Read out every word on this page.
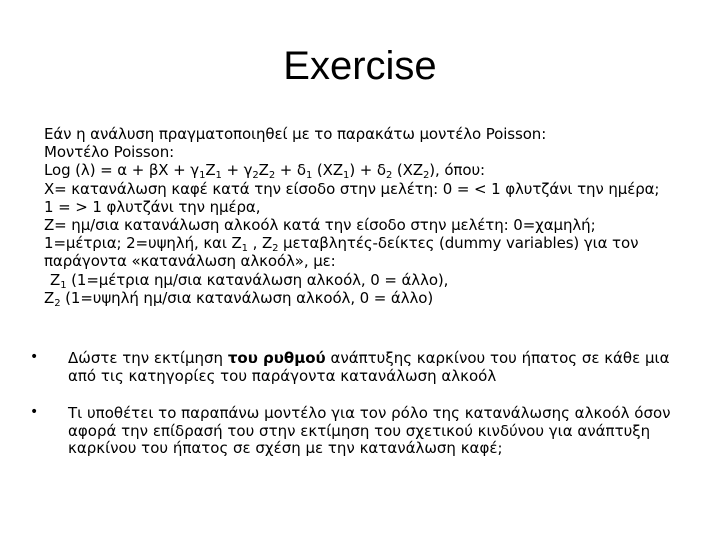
Exercise
Εάν η ανάλυση πραγματοποιηθεί με το παρακάτω μοντέλο Poisson:
Μοντέλο Poisson:
Log $(\lambda) = \alpha + \beta X + \gamma_1Z_1 + \gamma_2Z_2 + \delta_1$ $(XZ_1) + \delta_2$ $(XZ_2)$, όπου:
X= κατανάλωση καφέ κατά την είσοδο στην μελέτη: 0 = < 1 φλυτζάνι την ημέρα;
1 = > 1 φλυτζάνι την ημέρα,
Z= ημ/σια κατανάλωση αλκοόλ κατά την είσοδο στην μελέτη: 0=χαμηλή;
1=μέτρια; 2=υψηλή, και $Z_1$ , $Z_2$ μεταβλητές-δείκτες (dummy variables) για τον
παράγοντα «κατανάλωση αλκοόλ», με:
$Z_1$ (1=μέτρια ημ/σια κατανάλωση αλκοόλ, 0 = άλλο),
$Z_2$ (1=υψηλή ημ/σια κατανάλωση αλκοόλ, 0 = άλλο)
• Δώστε την εκτίμηση του ρυθμού ανάπτυξης καρκίνου του ήπατος σε κάθε μια από τις κατηγορίες του παράγοντα κατανάλωση αλκοόλ
• Τι υποθέτει το παραπάνω μοντέλο για τον ρόλο της κατανάλωσης αλκοόλ όσον αφορά την επίδρασή του στην εκτίμηση του σχετικού κινδύνου για ανάπτυξη καρκίνου του ήπατος σε σχέση με την κατανάλωση καφέ;
